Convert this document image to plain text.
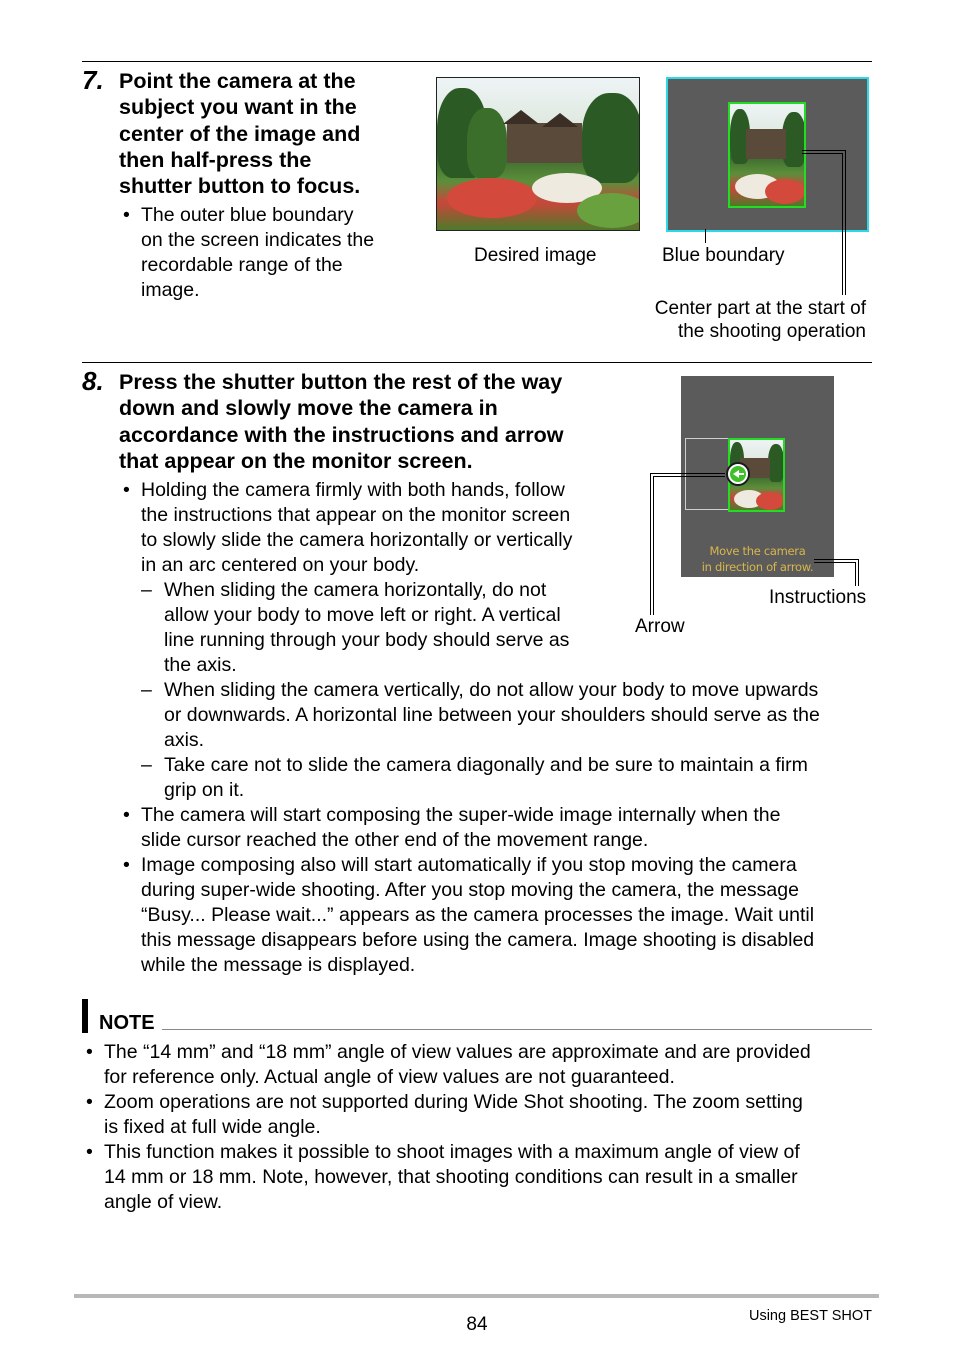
7. Point the camera at the
subject you want in the
center of the image and
then half-press the
shutter button to focus.
• The outer blue boundary
on the screen indicates the
recordable range of the
image.
Desired image	Blue boundary
Center part at the start of
the shooting operation
8. Press the shutter button the rest of the way
down and slowly move the camera in
accordance with the instructions and arrow
that appear on the monitor screen.
• Holding the camera firmly with both hands, follow
the instructions that appear on the monitor screen
to slowly slide the camera horizontally or vertically
in an arc centered on your body.
– When sliding the camera horizontally, do not
allow your body to move left or right. A vertical
line running through your body should serve as
the axis.
– When sliding the camera vertically, do not allow your body to move upwards
or downwards. A horizontal line between your shoulders should serve as the
axis.
– Take care not to slide the camera diagonally and be sure to maintain a firm
grip on it.
• The camera will start composing the super-wide image internally when the
slide cursor reached the other end of the movement range.
• Image composing also will start automatically if you stop moving the camera
during super-wide shooting. After you stop moving the camera, the message
“Busy... Please wait...” appears as the camera processes the image. Wait until
this message disappears before using the camera. Image shooting is disabled
while the message is displayed.
Move the camera
in direction of arrow.
Arrow
Instructions
NOTE
• The “14 mm” and “18 mm” angle of view values are approximate and are provided
for reference only. Actual angle of view values are not guaranteed.
• Zoom operations are not supported during Wide Shot shooting. The zoom setting
is fixed at full wide angle.
• This function makes it possible to shoot images with a maximum angle of view of
14 mm or 18 mm. Note, however, that shooting conditions can result in a smaller
angle of view.
84	Using BEST SHOT
